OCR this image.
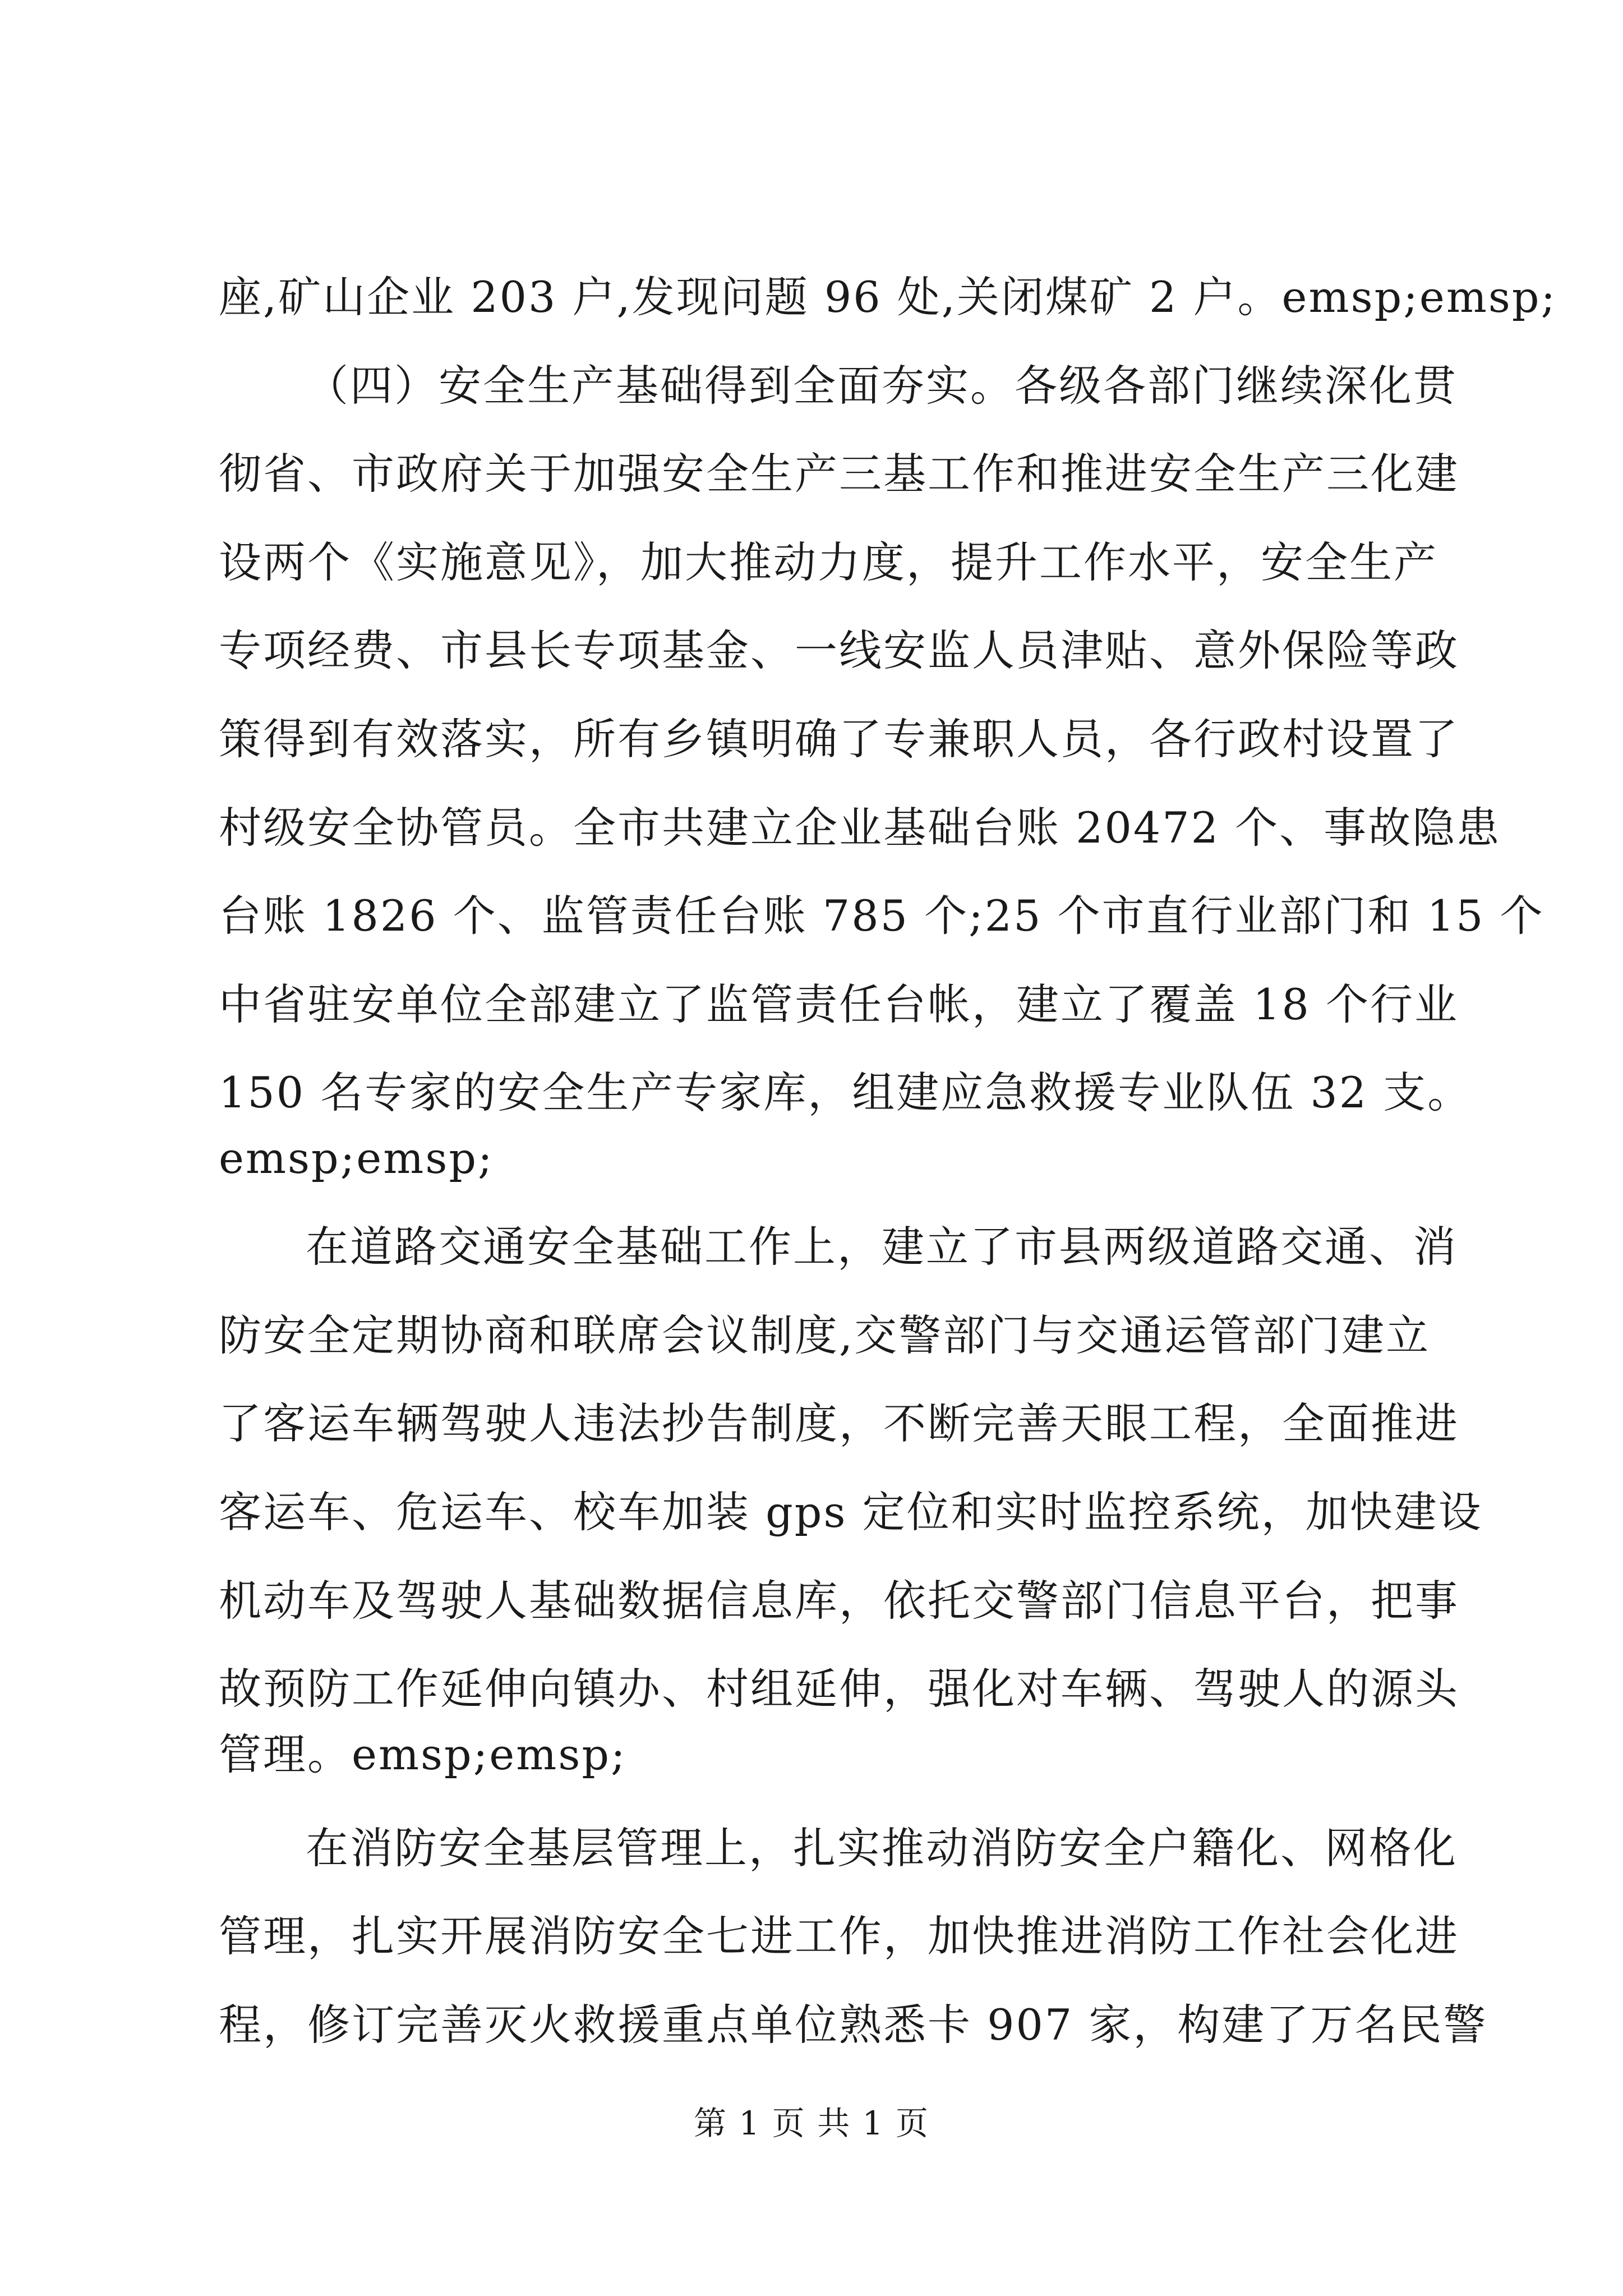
座,矿山企业 203 户,发现问题 96 处,关闭煤矿 2 户。emsp;emsp;
（四）安全生产基础得到全面夯实。各级各部门继续深化贯
彻省、市政府关于加强安全生产三基工作和推进安全生产三化建
设两个《实施意见》，加大推动力度，提升工作水平，安全生产
专项经费、市县长专项基金、一线安监人员津贴、意外保险等政
策得到有效落实，所有乡镇明确了专兼职人员，各行政村设置了
村级安全协管员。全市共建立企业基础台账 20472 个、事故隐患
台账 1826 个、监管责任台账 785 个;25 个市直行业部门和 15 个
中省驻安单位全部建立了监管责任台帐，建立了覆盖 18 个行业
150 名专家的安全生产专家库，组建应急救援专业队伍 32 支。
emsp;emsp;
在道路交通安全基础工作上，建立了市县两级道路交通、消
防安全定期协商和联席会议制度,交警部门与交通运管部门建立
了客运车辆驾驶人违法抄告制度，不断完善天眼工程，全面推进
客运车、危运车、校车加装 gps 定位和实时监控系统，加快建设
机动车及驾驶人基础数据信息库，依托交警部门信息平台，把事
故预防工作延伸向镇办、村组延伸，强化对车辆、驾驶人的源头
管理。emsp;emsp;
在消防安全基层管理上，扎实推动消防安全户籍化、网格化
管理，扎实开展消防安全七进工作，加快推进消防工作社会化进
程，修订完善灭火救援重点单位熟悉卡 907 家，构建了万名民警
第 1 页 共 1 页
